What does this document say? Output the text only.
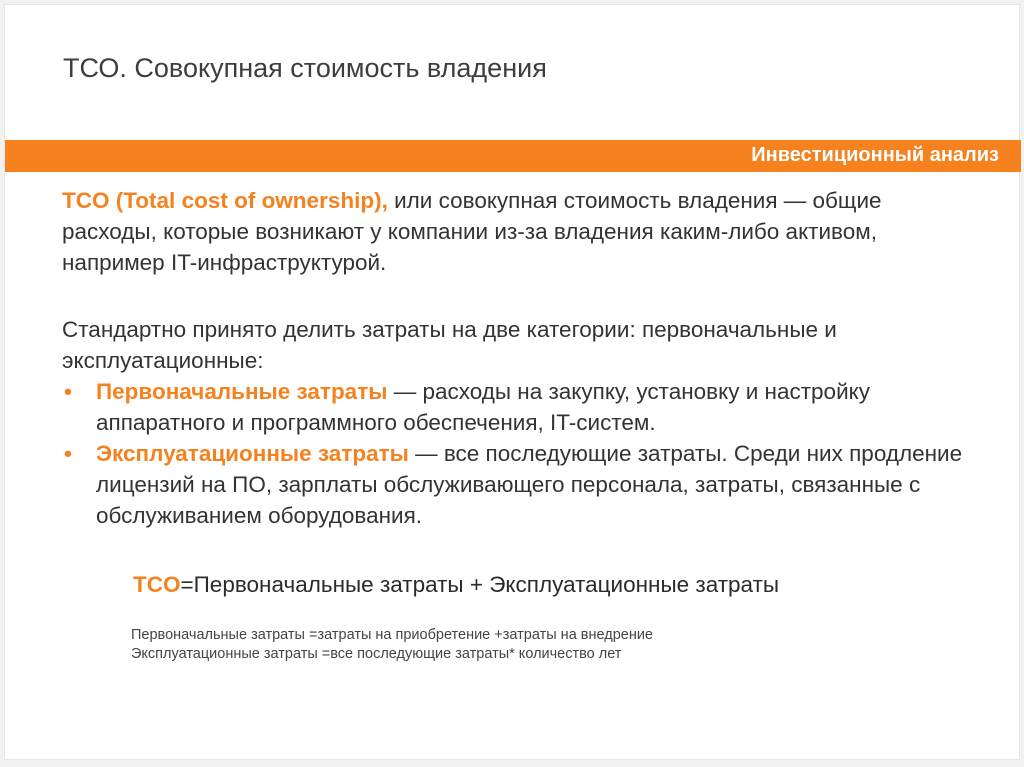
ТСО. Совокупная стоимость владения
Инвестиционный анализ
TCO (Total cost of ownership), или совокупная стоимость владения — общие расходы, которые возникают у компании из-за владения каким-либо активом, например IT-инфраструктурой.
Стандартно принято делить затраты на две категории: первоначальные и эксплуатационные:
• Первоначальные затраты — расходы на закупку, установку и настройку аппаратного и программного обеспечения, IT-систем.
• Эксплуатационные затраты — все последующие затраты. Среди них продление лицензий на ПО, зарплаты обслуживающего персонала, затраты, связанные с обслуживанием оборудования.
TCO=Первоначальные затраты + Эксплуатационные затраты
Первоначальные затраты =затраты на приобретение +затраты на внедрение
Эксплуатационные затраты =все последующие затраты* количество лет
